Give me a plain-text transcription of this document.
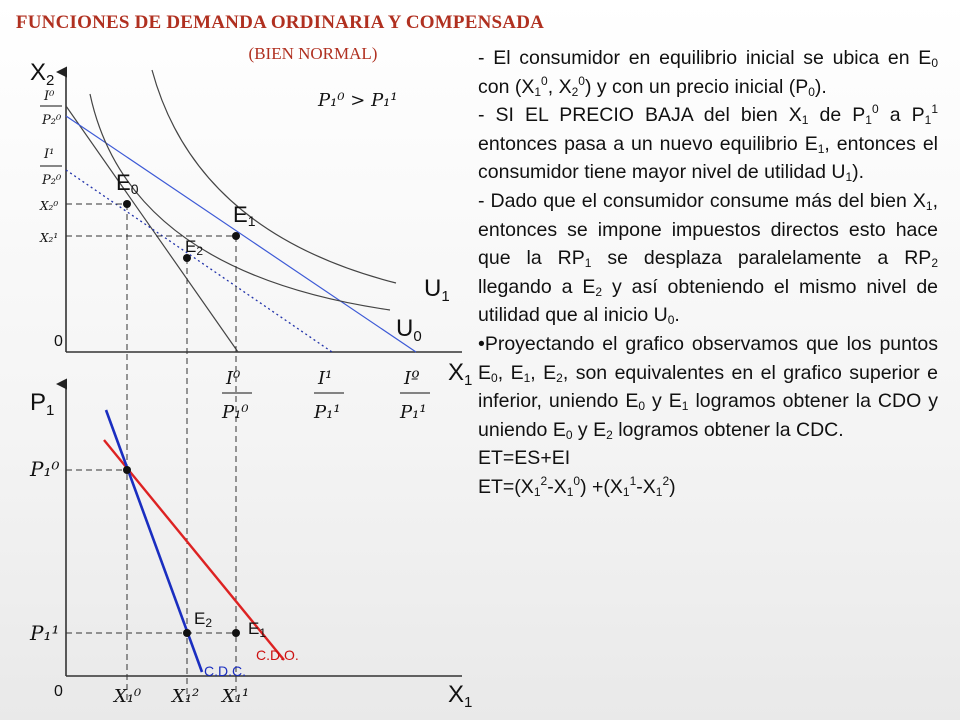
FUNCIONES DE DEMANDA ORDINARIA Y COMPENSADA
(BIEN NORMAL)
E0
E1
E2
$U_1$
$U_0$
$X_2$
$X_1$
0
P₁⁰ > P₁¹
I⁰
P₂⁰
I¹
P₂⁰
X₂⁰
X₂¹
I⁰
P₁⁰
I¹
P₁¹
Iº
P₁¹
E2 E1
C.D.O.
C.D.C.
$P_1$
$X_1$
0
P₁⁰
P₁¹
X₁⁰ X₁² X₁¹

- El consumidor en equilibrio inicial se ubica en $E_0$ con ($X_1^0$, $X_2^0$) y con un precio inicial $(P_0)$.

- SI EL PRECIO BAJA del bien $X_1$ de $P_1^0$ a $P_1^1$ entonces pasa a un nuevo equilibrio $E_1$, entonces el consumidor tiene mayor nivel de utilidad $U_1$).

- Dado que el consumidor consume más del bien $X_1$, entonces se impone impuestos directos esto hace que la $RP_1$ se desplaza paralelamente a $RP_2$ llegando a $E_2$ y así obteniendo el mismo nivel de utilidad que al inicio $U_0$.

•Proyectando el grafico observamos que los puntos $E_0$, $E_1$, $E_2$, son equivalentes en el grafico superior e inferior, uniendo $E_0$ y $E_1$ logramos obtener la CDO y uniendo $E_0$ y $E_2$ logramos obtener la CDC.

ET=ES+EI

$ET=(X_1^2-X_1^0) +(X_1^1-X_1^2)$
